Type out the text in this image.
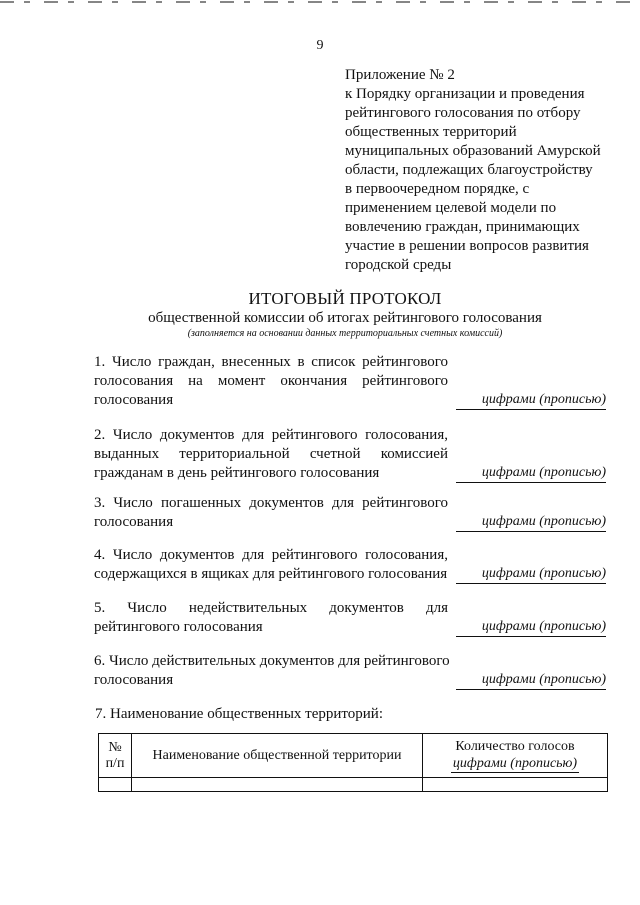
9
Приложение № 2
к Порядку организации и проведения
рейтингового голосования по отбору
общественных территорий
муниципальных образований Амурской
области, подлежащих благоустройству
в первоочередном порядке, с
применением целевой модели по
вовлечению граждан, принимающих
участие в решении вопросов развития
городской среды
ИТОГОВЫЙ ПРОТОКОЛ
общественной комиссии об итогах рейтингового голосования
(заполняется на основании данных территориальных счетных комиссий)
1. Число граждан, внесенных в список рейтингового
голосования на момент окончания рейтингового
голосования	цифрами (прописью)
2. Число документов для рейтингового голосования,
выданных территориальной счетной комиссией
гражданам в день рейтингового голосования	цифрами (прописью)
3. Число погашенных документов для рейтингового
голосования	цифрами (прописью)
4. Число документов для рейтингового голосования,
содержащихся в ящиках для рейтингового голосования	цифрами (прописью)
5. Число недействительных документов для
рейтингового голосования	цифрами (прописью)
6. Число действительных документов для рейтингового
голосования	цифрами (прописью)
7. Наименование общественных территорий:
№
п/п	Наименование общественной территории	Количество голосов
цифрами (прописью)
